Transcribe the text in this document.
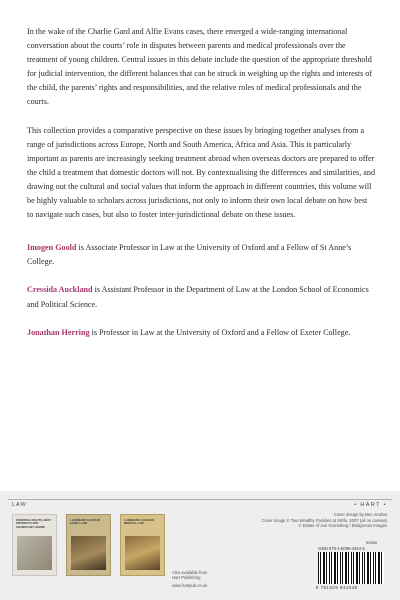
In the wake of the Charlie Gard and Alfie Evans cases, there emerged a wide-ranging international conversation about the courts’ role in disputes between parents and medical professionals over the treatment of young children. Central issues in this debate include the question of the appropriate threshold for judicial intervention, the different balances that can be struck in weighing up the rights and interests of the child, the parents’ rights and responsibilities, and the relative roles of medical professionals and the courts.

This collection provides a comparative perspective on these issues by bringing together analyses from a range of jurisdictions across Europe, North and South America, Africa and Asia. This is particularly important as parents are increasingly seeking treatment abroad when overseas doctors are prepared to offer the child a treatment that domestic doctors will not. By contextualising the differences and similarities, and drawing out the cultural and social values that inform the approach in different countries, this volume will be highly valuable to scholars across jurisdictions, not only to inform their own local debate on how best to navigate such cases, but also to foster inter-jurisdictional debate on these issues.

Imogen Goold is Associate Professor in Law at the University of Oxford and a Fellow of St Anne’s College.

Cressida Auckland is Assistant Professor in the Department of Law at the London School of Economics and Political Science.

Jonathan Herring is Professor in Law at the University of Oxford and a Fellow of Exeter College.

LAW	• HART •
PARENTAL RIGHTS, BEST INTERESTS AND SIGNIFICANT HARMS
LANDMARK CASES IN FAMILY LAW
LANDMARK CASES IN MEDICAL LAW
Also available from
Hart Publishing
www.hartpub.co.uk
Cover design by Ben Anslow
Cover image © Two Wealthy Families at Strife, 2007 (oil on canvas)
© Estate of Jan Groneberg / Bridgeman Images
ISBN 978-1-5099-4454-5
99300
9 781509 944545
